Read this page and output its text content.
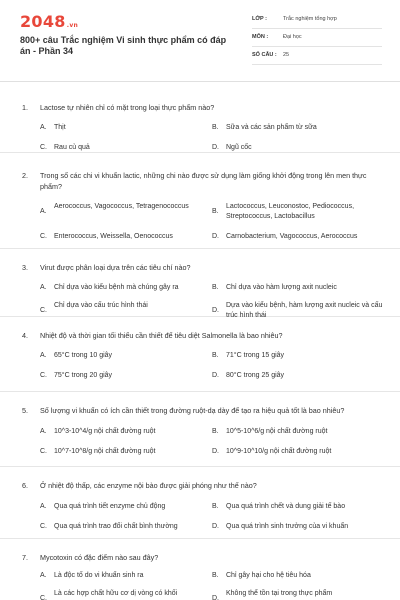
2048.vn
800+ câu Trắc nghiệm Vi sinh thực phẩm có đáp án - Phần 34
LỚP :	Trắc nghiệm tổng hợp
MÔN :	Đại học
SỐ CÂU : 25
1. Lactose tự nhiên chỉ có mặt trong loại thực phẩm nào?
A. Thịt	B. Sữa và các sản phẩm từ sữa
C. Rau củ quả	D. Ngũ cốc
2. Trong số các chi vi khuẩn lactic, những chi nào được sử dụng làm giống khởi động trong lên men thực phẩm?
A.
Aerococcus, Vagococcus, Tetragenococcus
B.
Lactococcus, Leuconostoc, Pediococcus, Streptococcus, Lactobacillus
C. Enterococcus, Weissella, Oenococcus	D. Carnobacterium, Vagococcus, Aerococcus
3. Virut được phân loại dựa trên các tiêu chí nào?
A. Chỉ dựa vào kiểu bệnh mà chúng gây ra	B. Chỉ dựa vào hàm lượng axit nucleic
C.
Chỉ dựa vào cấu trúc hình thái
D.
Dựa vào kiểu bệnh, hàm lượng axit nucleic và cấu trúc hình thái
4. Nhiệt độ và thời gian tối thiểu cần thiết để tiêu diệt Salmonella là bao nhiêu?
A. 65°C trong 10 giây	B. 71°C trong 15 giây
C. 75°C trong 20 giây	D. 80°C trong 25 giây
5. Số lượng vi khuẩn có ích cần thiết trong đường ruột-dạ dày để tạo ra hiệu quả tốt là bao nhiêu?
A. 10^3-10^4/g nội chất đường ruột	B. 10^5-10^6/g nội chất đường ruột
C. 10^7-10^8/g nội chất đường ruột	D. 10^9-10^10/g nội chất đường ruột
6. Ở nhiệt độ thấp, các enzyme nội bào được giải phóng như thế nào?
A. Qua quá trình tiết enzyme chủ động	B. Qua quá trình chết và dung giải tế bào
C. Qua quá trình trao đổi chất bình thường	D. Qua quá trình sinh trưởng của vi khuẩn
7. Mycotoxin có đặc điểm nào sau đây?
A. Là độc tố do vi khuẩn sinh ra	B. Chỉ gây hại cho hệ tiêu hóa
C.
Là các hợp chất hữu cơ dị vòng có khối
D.
Không thể tồn tại trong thực phẩm
